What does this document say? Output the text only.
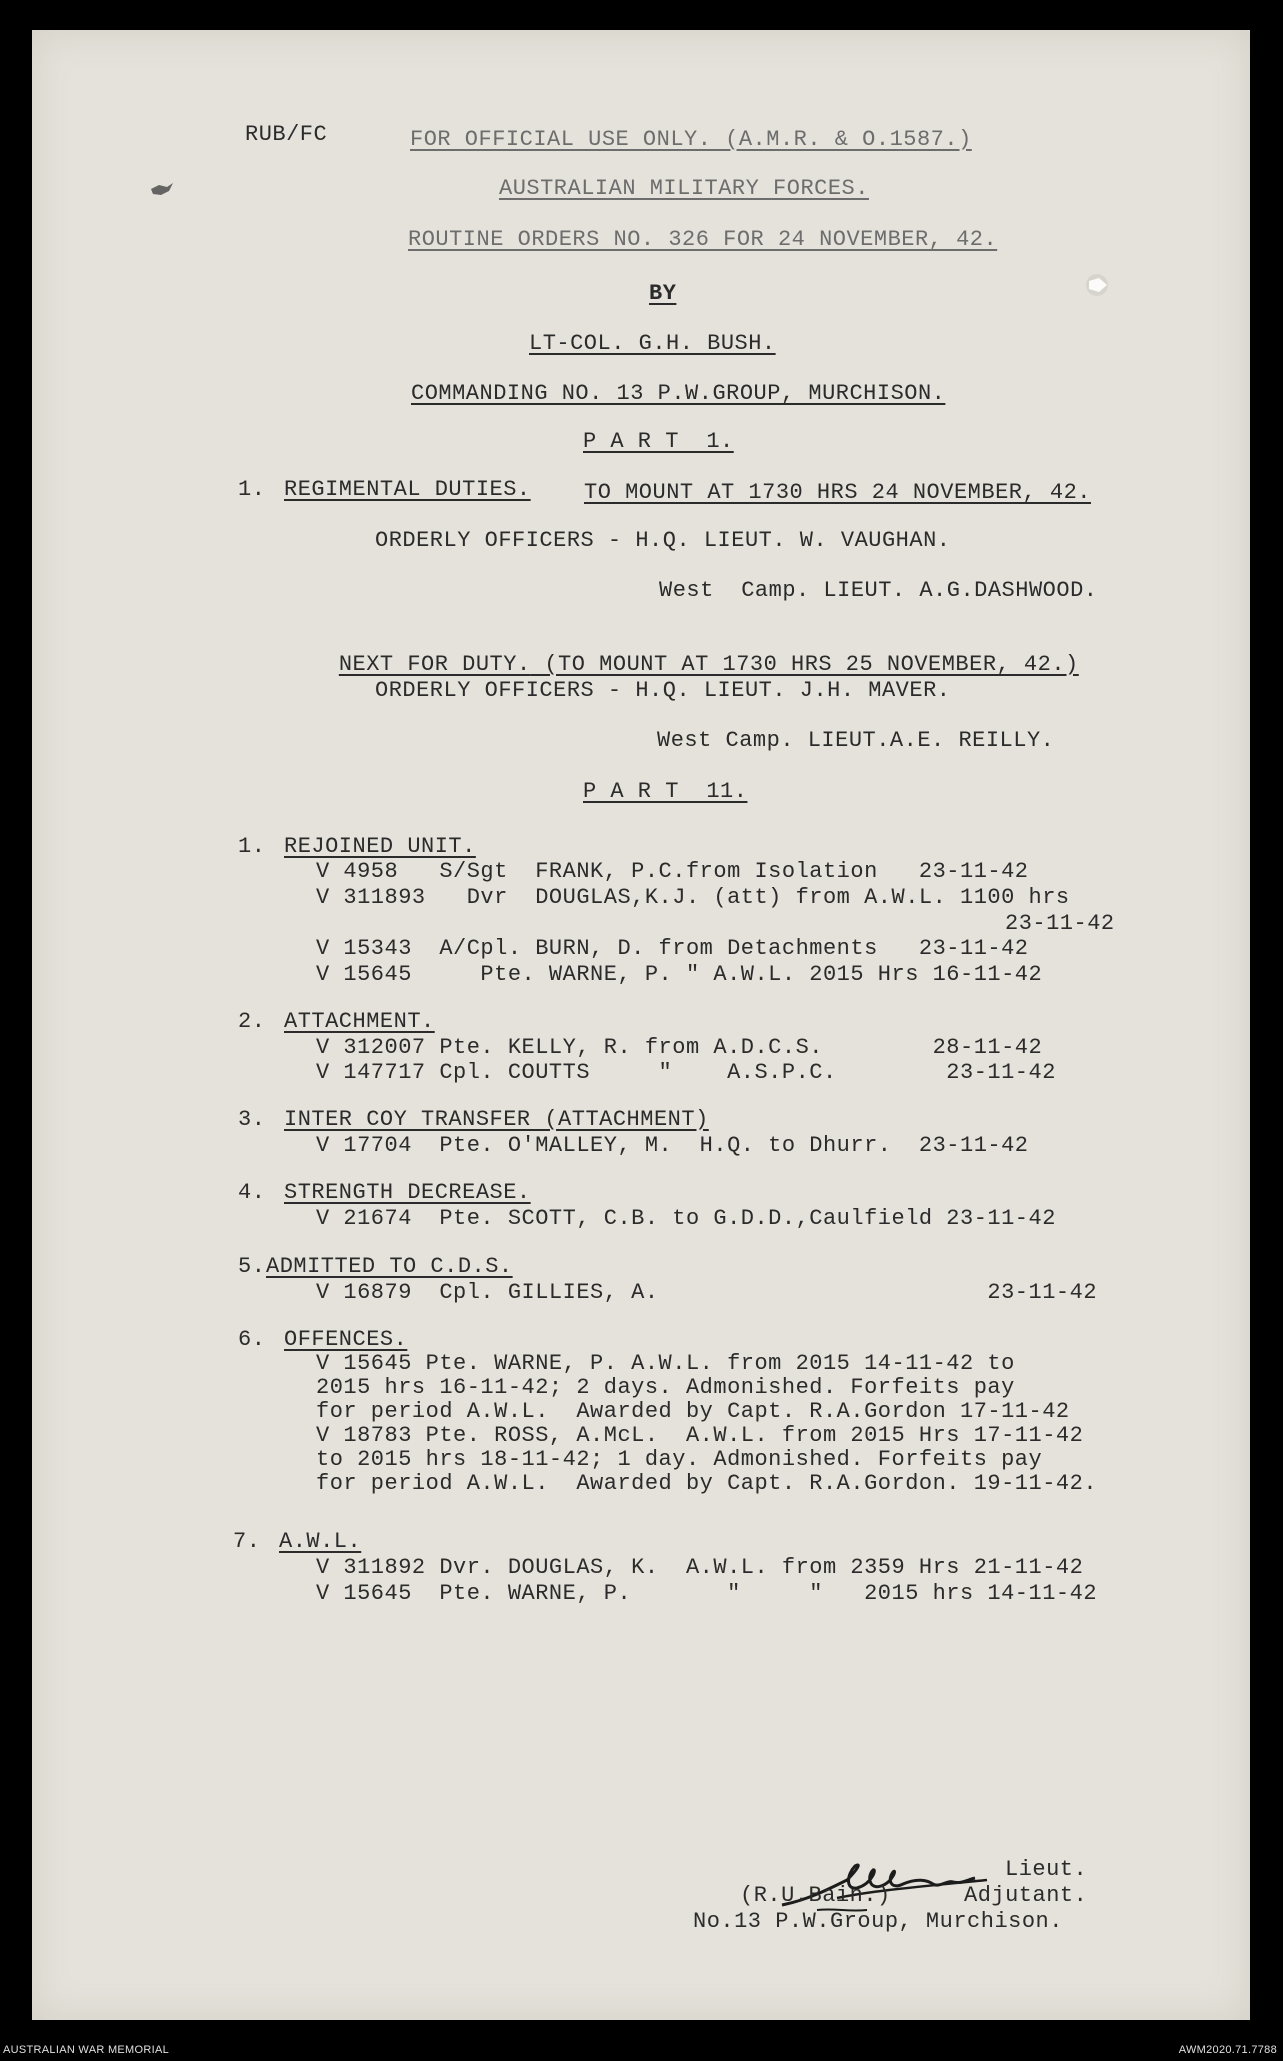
RUB/FC	FOR OFFICIAL USE ONLY. (A.M.R. & O.1587.)
AUSTRALIAN MILITARY FORCES.
ROUTINE ORDERS NO. 326 FOR 24 NOVEMBER, 42.
BY
LT-COL. G.H. BUSH.
COMMANDING NO. 13 P.W.GROUP, MURCHISON.
P A R T  1.
1. REGIMENTAL DUTIES. TO MOUNT AT 1730 HRS 24 NOVEMBER, 42.
ORDERLY OFFICERS - H.Q. LIEUT. W. VAUGHAN.
West  Camp. LIEUT. A.G.DASHWOOD.

NEXT FOR DUTY. (TO MOUNT AT 1730 HRS 25 NOVEMBER, 42.)

ORDERLY OFFICERS - H.Q. LIEUT. J.H. MAVER.
West Camp. LIEUT.A.E. REILLY.
P A R T  11.
1. REJOINED UNIT.
V 4958   S/Sgt  FRANK, P.C.from Isolation   23-11-42
V 311893   Dvr  DOUGLAS,K.J. (att) from A.W.L. 1100 hrs
23-11-42
V 15343  A/Cpl. BURN, D. from Detachments   23-11-42
V 15645     Pte. WARNE, P. " A.W.L. 2015 Hrs 16-11-42
2. ATTACHMENT.
V 312007 Pte. KELLY, R. from A.D.C.S.        28-11-42
V 147717 Cpl. COUTTS     "    A.S.P.C.        23-11-42
3. INTER COY TRANSFER (ATTACHMENT)
V 17704  Pte. O'MALLEY, M.  H.Q. to Dhurr.  23-11-42
4. STRENGTH DECREASE.
V 21674  Pte. SCOTT, C.B. to G.D.D.,Caulfield 23-11-42
5. ADMITTED TO C.D.S.
V 16879  Cpl. GILLIES, A.                        23-11-42
6. OFFENCES.
V 15645 Pte. WARNE, P. A.W.L. from 2015 14-11-42 to
2015 hrs 16-11-42; 2 days. Admonished. Forfeits pay
for period A.W.L.  Awarded by Capt. R.A.Gordon 17-11-42
V 18783 Pte. ROSS, A.McL.  A.W.L. from 2015 Hrs 17-11-42
to 2015 hrs 18-11-42; 1 day. Admonished. Forfeits pay
for period A.W.L.  Awarded by Capt. R.A.Gordon. 19-11-42.
7. A.W.L.
V 311892 Dvr. DOUGLAS, K.  A.W.L. from 2359 Hrs 21-11-42
V 15645  Pte. WARNE, P.       "     "   2015 hrs 14-11-42
Lieut.
(R.U.Bain.)	Adjutant.
No.13 P.W.Group, Murchison.
AUSTRALIAN WAR MEMORIAL	AWM2020.71.7788
